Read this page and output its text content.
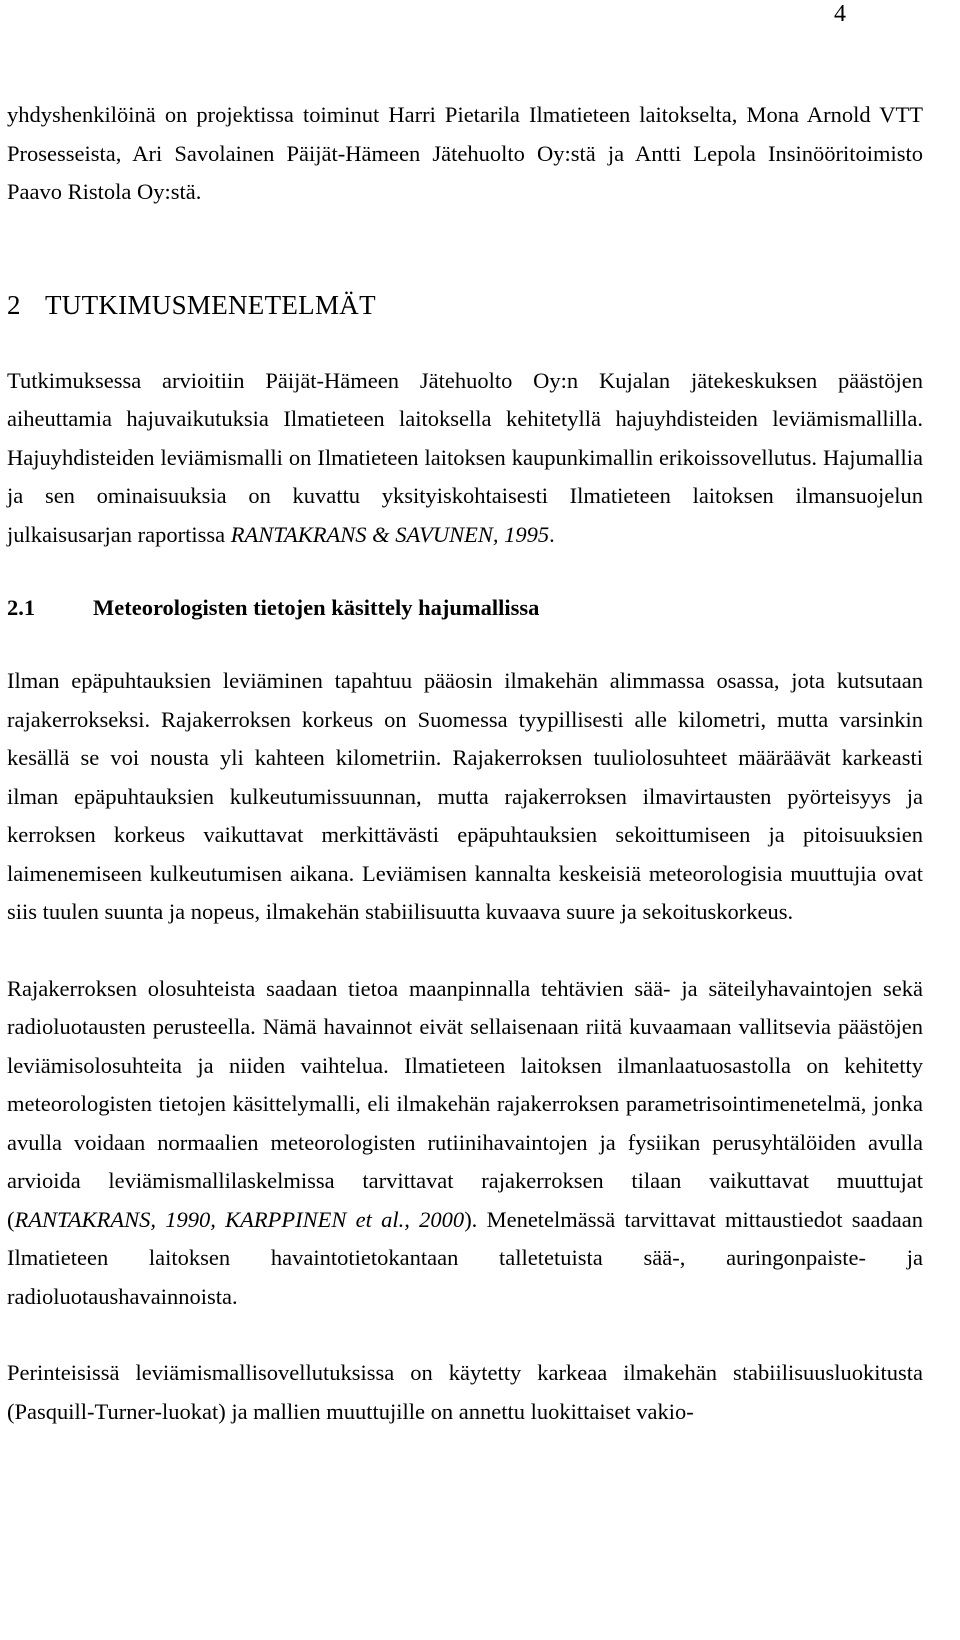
4

yhdyshenkilöinä on projektissa toiminut Harri Pietarila Ilmatieteen laitokselta, Mona Arnold VTT Prosesseista, Ari Savolainen Päijät-Hämeen Jätehuolto Oy:stä ja Antti Lepola Insinööritoimisto Paavo Ristola Oy:stä.

2 TUTKIMUSMENETELMÄT

Tutkimuksessa arvioitiin Päijät-Hämeen Jätehuolto Oy:n Kujalan jätekeskuksen päästöjen aiheuttamia hajuvaikutuksia Ilmatieteen laitoksella kehitetyllä hajuyhdisteiden leviämismallilla. Hajuyhdisteiden leviämismalli on Ilmatieteen laitoksen kaupunkimallin erikoissovellutus. Hajumallia ja sen ominaisuuksia on kuvattu yksityiskohtaisesti Ilmatieteen laitoksen ilmansuojelun julkaisusarjan raportissa RANTAKRANS & SAVUNEN, 1995.

2.1	Meteorologisten tietojen käsittely hajumallissa

Ilman epäpuhtauksien leviäminen tapahtuu pääosin ilmakehän alimmassa osassa, jota kutsutaan rajakerrokseksi. Rajakerroksen korkeus on Suomessa tyypillisesti alle kilometri, mutta varsinkin kesällä se voi nousta yli kahteen kilometriin. Rajakerroksen tuuliolosuhteet määräävät karkeasti ilman epäpuhtauksien kulkeutumissuunnan, mutta rajakerroksen ilmavirtausten pyörteisyys ja kerroksen korkeus vaikuttavat merkittävästi epäpuhtauksien sekoittumiseen ja pitoisuuksien laimenemiseen kulkeutumisen aikana. Leviämisen kannalta keskeisiä meteorologisia muuttujia ovat siis tuulen suunta ja nopeus, ilmakehän stabiilisuutta kuvaava suure ja sekoituskorkeus.

Rajakerroksen olosuhteista saadaan tietoa maanpinnalla tehtävien sää- ja säteilyhavaintojen sekä radioluotausten perusteella. Nämä havainnot eivät sellaisenaan riitä kuvaamaan vallitsevia päästöjen leviämisolosuhteita ja niiden vaihtelua. Ilmatieteen laitoksen ilmanlaatuosastolla on kehitetty meteorologisten tietojen käsittelymalli, eli ilmakehän rajakerroksen parametrisointimenetelmä, jonka avulla voidaan normaalien meteorologisten rutiinihavaintojen ja fysiikan perusyhtälöiden avulla arvioida leviämismallilaskelmissa tarvittavat rajakerroksen tilaan vaikuttavat muuttujat (RANTAKRANS, 1990, KARPPINEN et al., 2000). Menetelmässä tarvittavat mittaustiedot saadaan Ilmatieteen laitoksen havaintotietokantaan talletetuista sää-, auringonpaiste- ja radioluotaushavainnoista.

Perinteisissä leviämismallisovellutuksissa on käytetty karkeaa ilmakehän stabiilisuusluokitusta (Pasquill-Turner-luokat) ja mallien muuttujille on annettu luokittaiset vakio-
